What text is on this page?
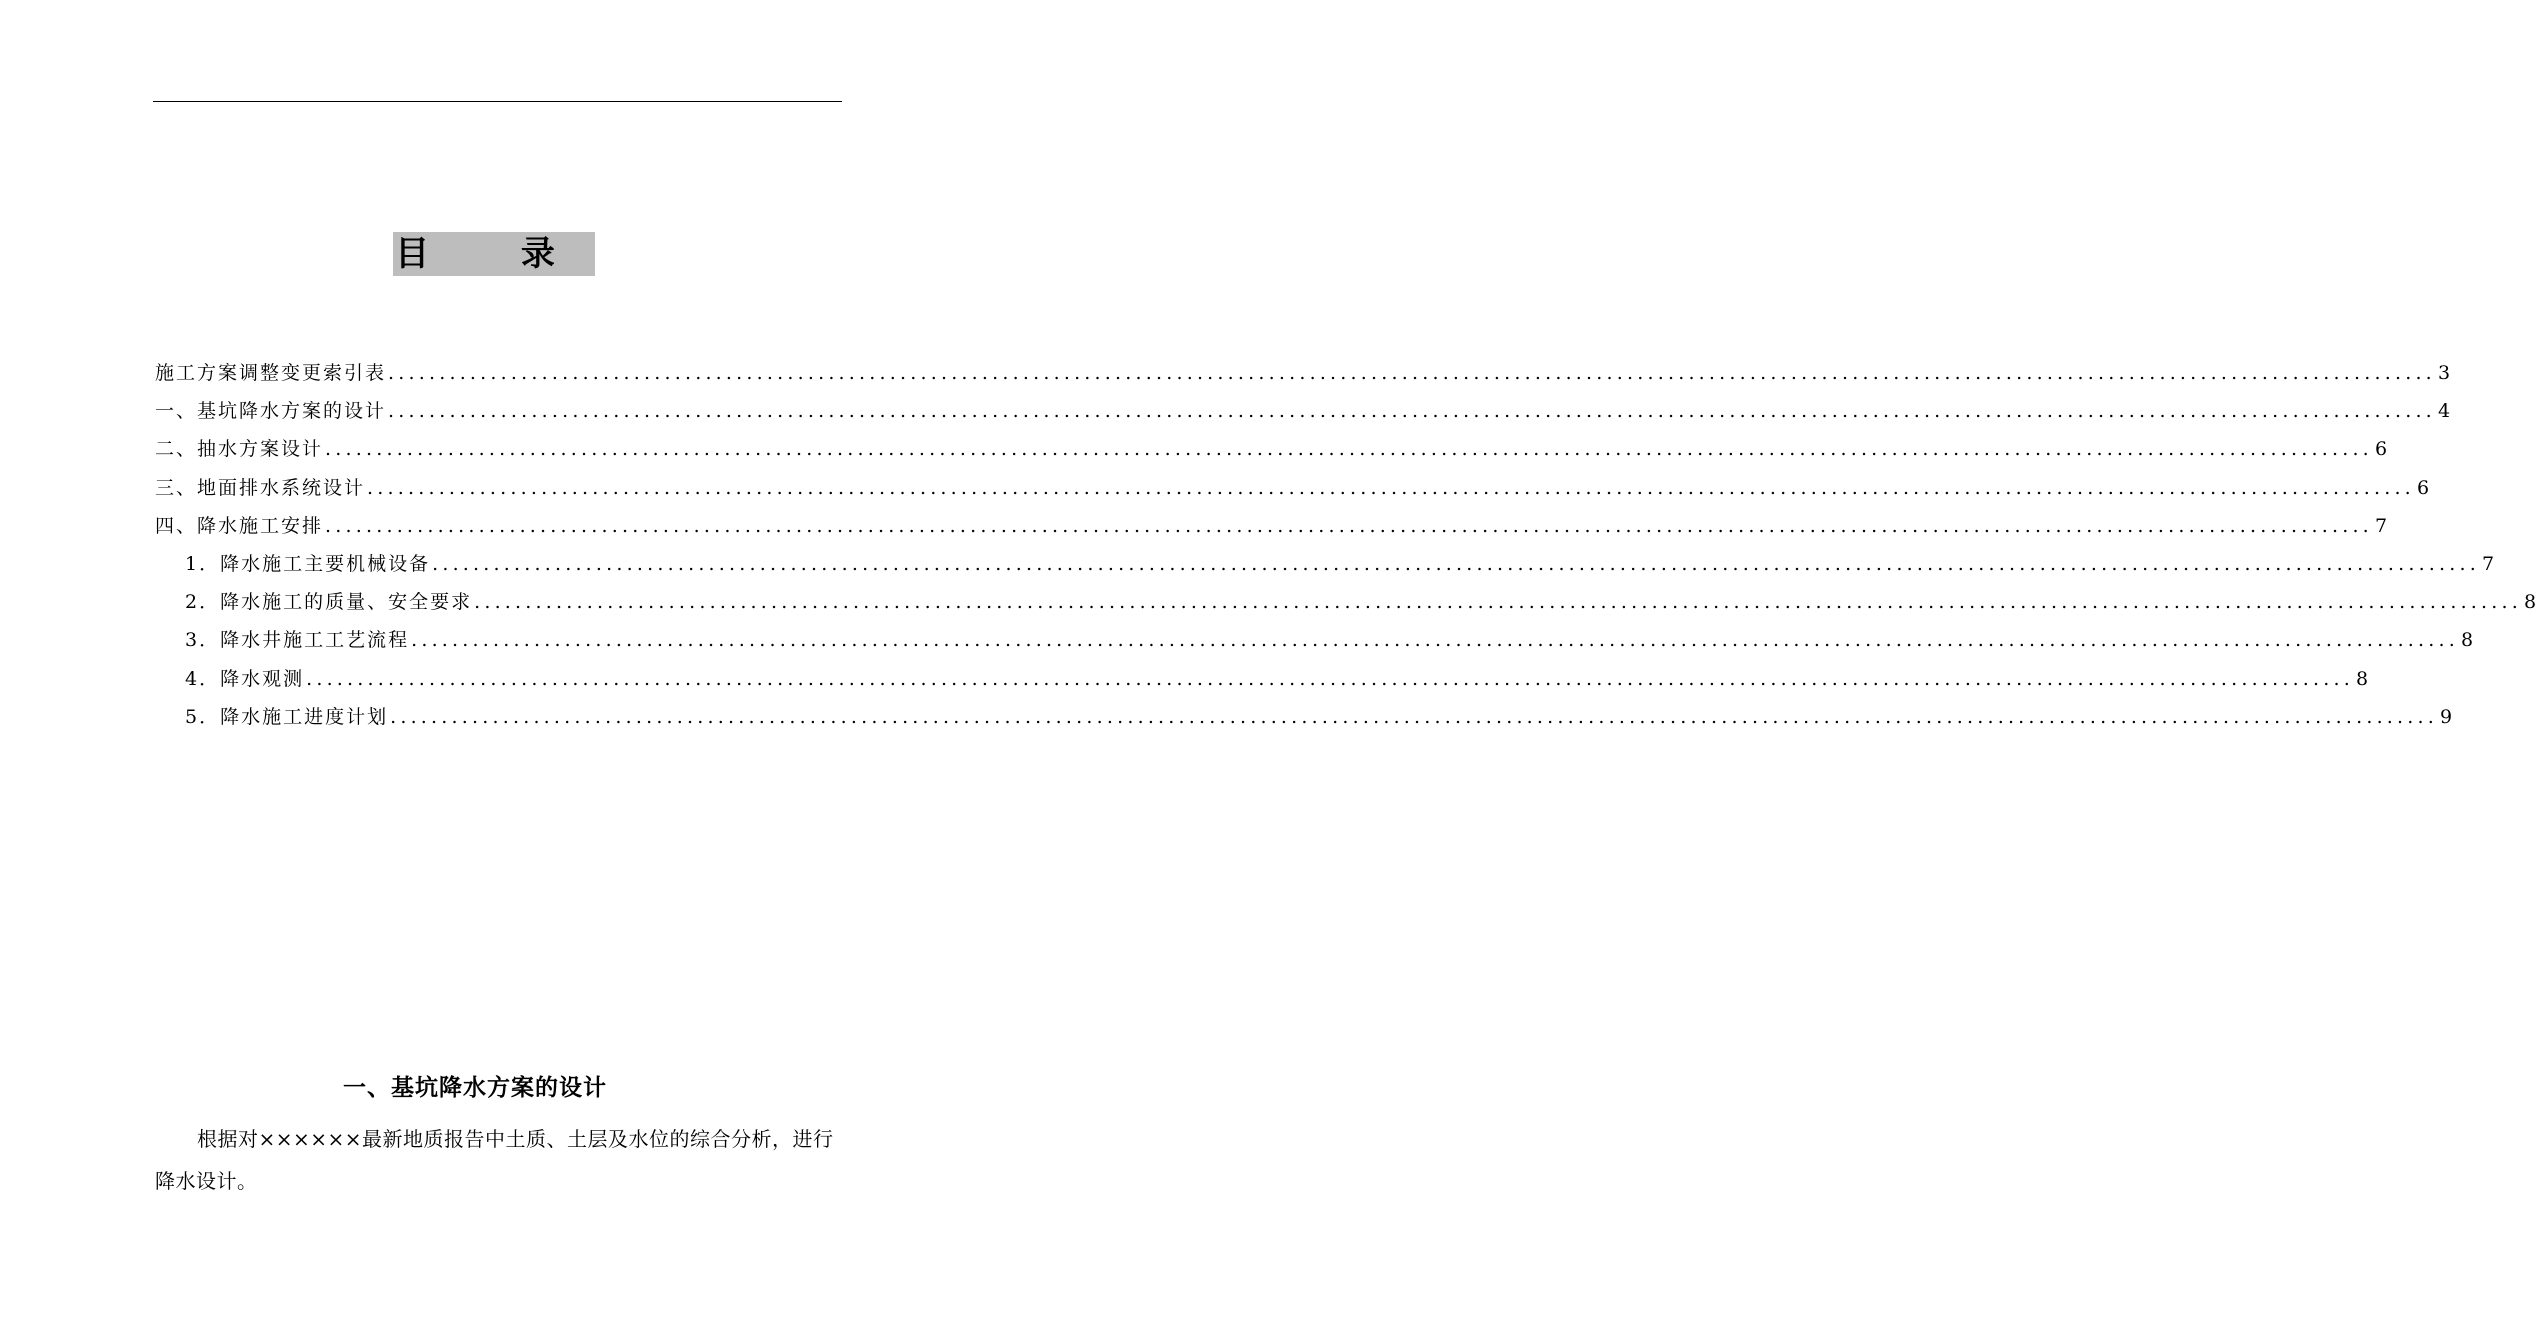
目 录
施工方案调整变更索引表 ........................................................................................................................................................................................................ 3
一、基坑降水方案的设计 ........................................................................................................................................................................................................ 4
二、抽水方案设计 ........................................................................................................................................................................................................ 6
三、地面排水系统设计 ........................................................................................................................................................................................................ 6
四、降水施工安排 ........................................................................................................................................................................................................ 7
1．降水施工主要机械设备 ........................................................................................................................................................................................................ 7
2．降水施工的质量、安全要求 ........................................................................................................................................................................................................ 8
3．降水井施工工艺流程 ........................................................................................................................................................................................................ 8
4．降水观测 ........................................................................................................................................................................................................ 8
5．降水施工进度计划 ........................................................................................................................................................................................................ 9
一、基坑降水方案的设计
根据对××××××最新地质报告中土质、土层及水位的综合分析，进行降水设计。
